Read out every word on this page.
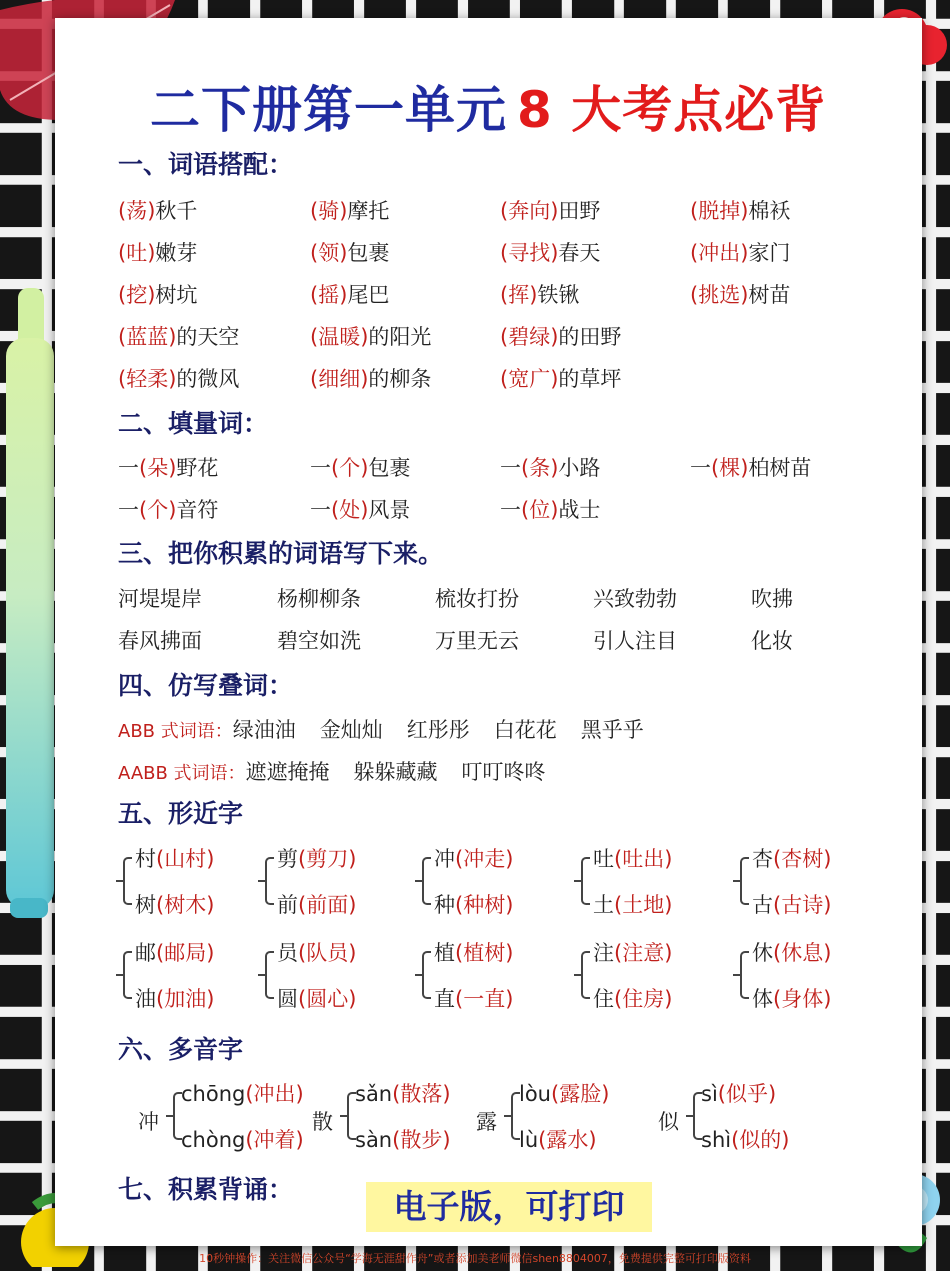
二下册第一单元 8 大考点必背
一、词语搭配：
(荡)秋千	(骑)摩托	(奔向)田野	(脱掉)棉袄
(吐)嫩芽	(领)包裹	(寻找)春天	(冲出)家门
(挖)树坑	(摇)尾巴	(挥)铁锹	(挑选)树苗
(蓝蓝)的天空	(温暖)的阳光	(碧绿)的田野
(轻柔)的微风	(细细)的柳条	(宽广)的草坪
二、填量词：
一(朵)野花	一(个)包裹	一(条)小路	一(棵)柏树苗
一(个)音符	一(处)风景	一(位)战士
三、把你积累的词语写下来。
河堤堤岸	杨柳柳条	梳妆打扮	兴致勃勃	吹拂
春风拂面	碧空如洗	万里无云	引人注目	化妆
四、仿写叠词：
ABB 式词语：绿油油 金灿灿 红彤彤 白花花 黑乎乎
AABB 式词语：遮遮掩掩 躲躲藏藏 叮叮咚咚
五、形近字
村(山村)
树(树木)
剪(剪刀)
前(前面)
冲(冲走)
种(种树)
吐(吐出)
土(土地)
杏(杏树)
古(古诗)
邮(邮局)
油(加油)
员(队员)
圆(圆心)
植(植树)
直(一直)
注(注意)
住(住房)
休(休息)
体(身体)
六、多音字
冲
chōng(冲出)
chòng(冲着)
散
sǎn(散落)
sàn(散步)
露
lòu(露脸)
lù(露水)
似
sì(似乎)
shì(似的)
七、积累背诵：	电子版，可打印
10秒钟操作：关注微信公众号“学海无涯甜作舟”或者添加美老师微信shen8804007，免费提供完整可打印版资料
